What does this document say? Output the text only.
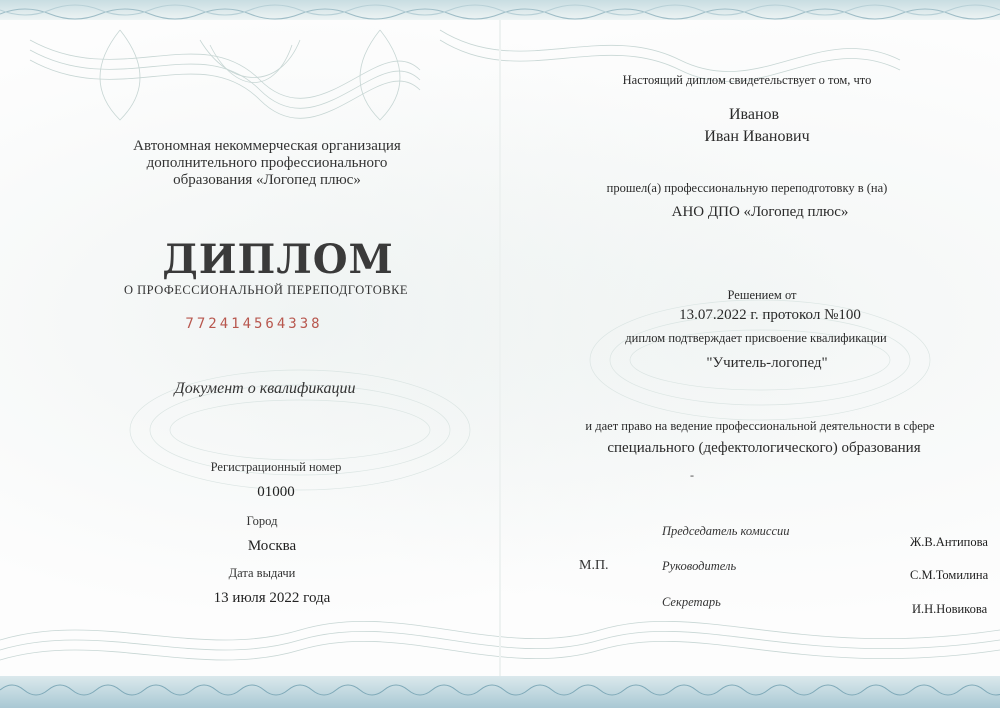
Автономная некоммерческая организация дополнительного профессионального образования «Логопед плюс»
ДИПЛОМ
О ПРОФЕССИОНАЛЬНОЙ ПЕРЕПОДГОТОВКЕ
772414564338
Документ о квалификации
Регистрационный номер
01000
Город
Москва
Дата выдачи
13 июля 2022 года
Настоящий диплом свидетельствует о том, что
Иванов
Иван Иванович
прошел(а) профессиональную переподготовку в (на)
АНО ДПО «Логопед плюс»
Решением от
13.07.2022 г. протокол №100
диплом подтверждает присвоение квалификации
"Учитель-логопед"
и дает право на ведение профессиональной деятельности в сфере
специального (дефектологического) образования
-
М.П.
Председатель комиссии
Ж.В.Антипова
Руководитель
С.М.Томилина
Секретарь	И.Н.Новикова
